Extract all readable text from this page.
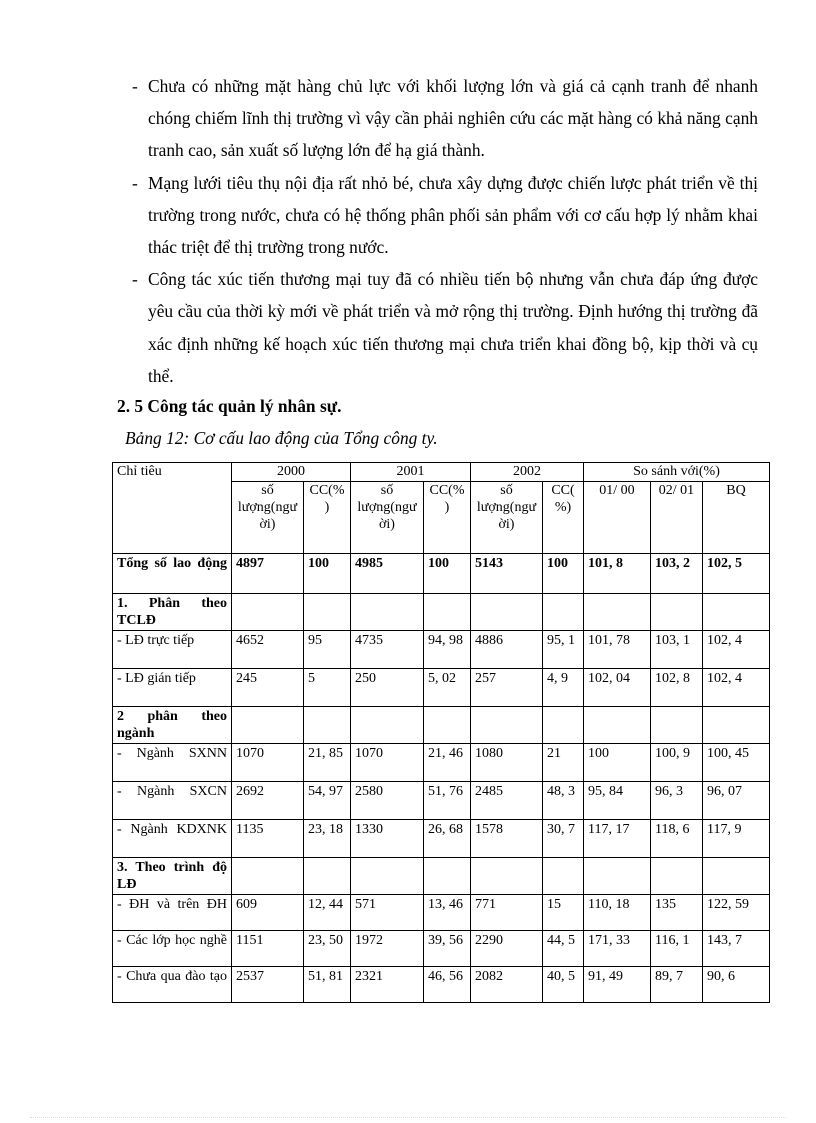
- Chưa có những mặt hàng chủ lực với khối lượng lớn và giá cả cạnh tranh để nhanh chóng chiếm lĩnh thị trường vì vậy cần phải nghiên cứu các mặt hàng có khả năng cạnh tranh cao, sản xuất số lượng lớn để hạ giá thành.
- Mạng lưới tiêu thụ nội địa rất nhỏ bé, chưa xây dựng được chiến lược phát triển về thị trường trong nước, chưa có hệ thống phân phối sản phẩm với cơ cấu hợp lý nhằm khai thác triệt để thị trường trong nước.
- Công tác xúc tiến thương mại tuy đã có nhiều tiến bộ nhưng vẫn chưa đáp ứng được yêu cầu của thời kỳ mới về phát triển và mở rộng thị trường. Định hướng thị trường đã xác định những kế hoạch xúc tiến thương mại chưa triển khai đồng bộ, kịp thời và cụ thể.
2. 5 Công tác quản lý nhân sự.
Bảng 12: Cơ cấu lao động của Tổng công ty.
Chỉ tiêu	2000		2001		2002		So sánh với(%)		
	số lượng(người)	CC(%)	số lượng(người)	CC(%)	số lượng(người)	CC(%)	01/ 00	02/ 01	BQ
Tổng số lao động	4897	100	4985	100	5143	100	101, 8	103, 2	102, 5
1. Phân theo TCLĐ									
- LĐ trực tiếp	4652	95	4735	94, 98	4886	95, 1	101, 78	103, 1	102, 4
- LĐ gián tiếp	245	5	250	5, 02	257	4, 9	102, 04	102, 8	102, 4
2 phân theo ngành									
- Ngành SXNN	1070	21, 85	1070	21, 46	1080	21	100	100, 9	100, 45
- Ngành SXCN	2692	54, 97	2580	51, 76	2485	48, 3	95, 84	96, 3	96, 07
- Ngành KDXNK	1135	23, 18	1330	26, 68	1578	30, 7	117, 17	118, 6	117, 9
3. Theo trình độ LĐ									
- ĐH và trên ĐH	609	12, 44	571	13, 46	771	15	110, 18	135	122, 59
- Các lớp học nghề	1151	23, 50	1972	39, 56	2290	44, 5	171, 33	116, 1	143, 7
- Chưa qua đào tạo	2537	51, 81	2321	46, 56	2082	40, 5	91, 49	89, 7	90, 6
